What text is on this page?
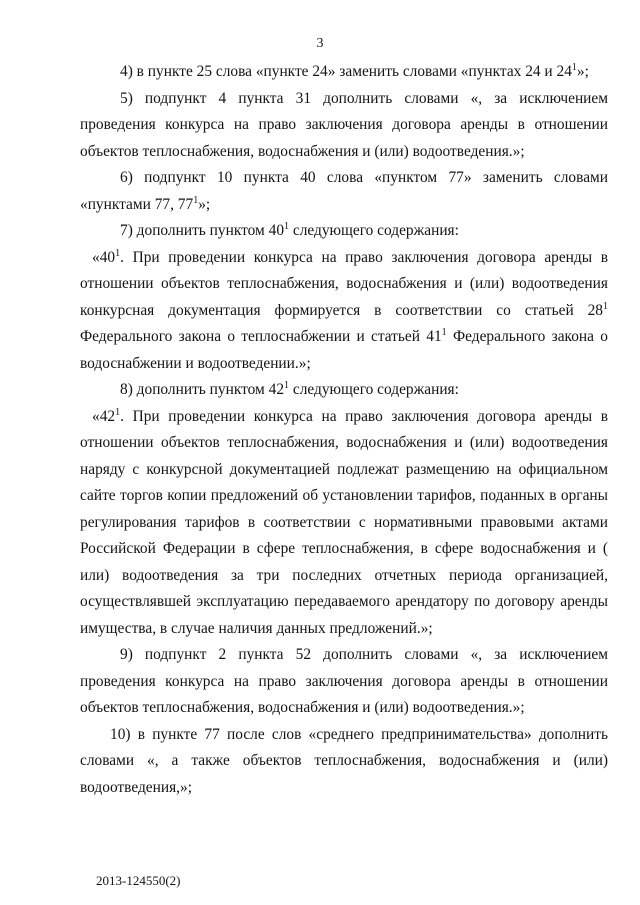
3

4) в пункте 25 слова «пункте 24» заменить словами «пунктах 24 и $24^1$»;

5) подпункт 4 пункта 31 дополнить словами «, за исключением проведения конкурса на право заключения договора аренды в отношении объектов теплоснабжения, водоснабжения и (или) водоотведения.»;

6) подпункт 10 пункта 40 слова «пунктом 77» заменить словами «пунктами 77, $77^1$»;

7) дополнить пунктом $40^1$ следующего содержания:

«$40^1$. При проведении конкурса на право заключения договора аренды в отношении объектов теплоснабжения, водоснабжения и (или) водоотведения конкурсная документация формируется в соответствии со статьей $28^1$ Федерального закона о теплоснабжении и статьей $41^1$ Федерального закона о водоснабжении и водоотведении.»;

8) дополнить пунктом $42^1$ следующего содержания:

«$42^1$. При проведении конкурса на право заключения договора аренды в отношении объектов теплоснабжения, водоснабжения и (или) водоотведения наряду с конкурсной документацией подлежат размещению на официальном сайте торгов копии предложений об установлении тарифов, поданных в органы регулирования тарифов в соответствии с нормативными правовыми актами Российской Федерации в сфере теплоснабжения, в сфере водоснабжения и ( или) водоотведения за три последних отчетных периода организацией, осуществлявшей эксплуатацию передаваемого арендатору по договору аренды имущества, в случае наличия данных предложений.»;

9) подпункт 2 пункта 52 дополнить словами «, за исключением проведения конкурса на право заключения договора аренды в отношении объектов теплоснабжения, водоснабжения и (или) водоотведения.»;

10) в пункте 77 после слов «среднего предпринимательства» дополнить словами «, а также объектов теплоснабжения, водоснабжения и (или) водоотведения,»;

2013-124550(2)
